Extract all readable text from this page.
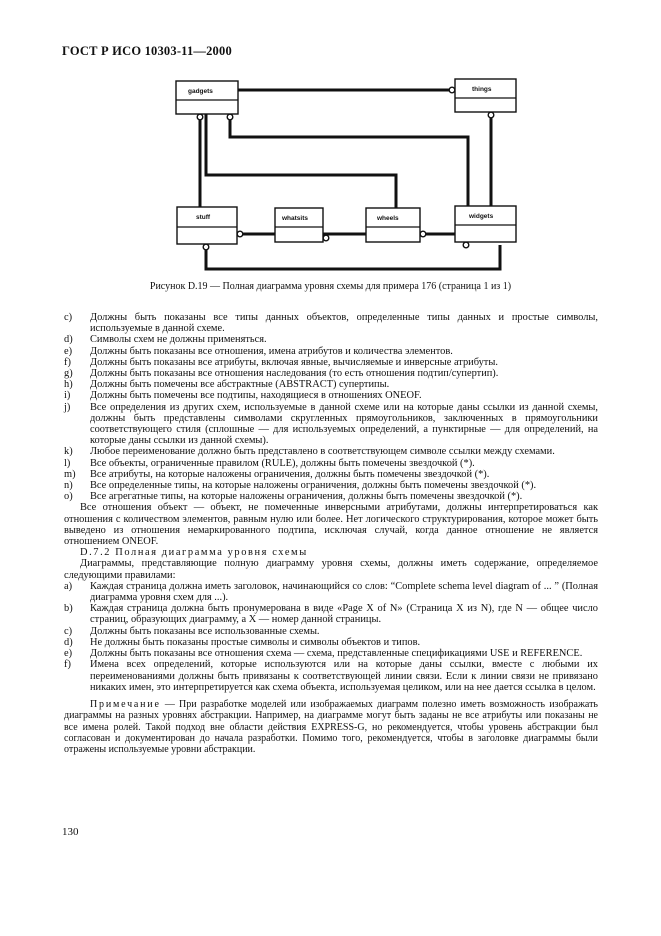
ГОСТ Р ИСО 10303-11—2000
gadgets	things
stuff	whatsits	wheels	widgets
Рисунок D.19 — Полная диаграмма уровня схемы для примера 176 (страница 1 из 1)
c)	Должны быть показаны все типы данных объектов, определенные типы данных и простые символы, используемые в данной схеме.
d)	Символы схем не должны применяться.
e)	Должны быть показаны все отношения, имена атрибутов и количества элементов.
f)	Должны быть показаны все атрибуты, включая явные, вычисляемые и инверсные атрибуты.
g)	Должны быть показаны все отношения наследования (то есть отношения подтип/супертип).
h)	Должны быть помечены все абстрактные (ABSTRACT) супертипы.
i)	Должны быть помечены все подтипы, находящиеся в отношениях ONEOF.
j)	Все определения из других схем, используемые в данной схеме или на которые даны ссылки из данной схемы, должны быть представлены символами скругленных прямоугольников, заключенных в прямоугольники соответствующего стиля (сплошные — для используемых определений, а пунктирные — для определений, на которые даны ссылки из данной схемы).
k)	Любое переименование должно быть представлено в соответствующем символе ссылки между схемами.
l)	Все объекты, ограниченные правилом (RULE), должны быть помечены звездочкой (*).
m)	Все атрибуты, на которые наложены ограничения, должны быть помечены звездочкой (*).
n)	Все определенные типы, на которые наложены ограничения, должны быть помечены звездочкой (*).
o)	Все агрегатные типы, на которые наложены ограничения, должны быть помечены звездочкой (*).

Все отношения объект — объект, не помеченные инверсными атрибутами, должны интерпретироваться как отношения с количеством элементов, равным нулю или более. Нет логического структурирования, которое может быть выведено из отношения немаркированного подтипа, исключая случай, когда данное отношение не является отношением ONEOF.

D.7.2 Полная диаграмма уровня схемы

Диаграммы, представляющие полную диаграмму уровня схемы, должны иметь содержание, определяемое следующими правилами:

a)	Каждая страница должна иметь заголовок, начинающийся со слов: “Complete schema level diagram of ... ” (Полная диаграмма уровня схем для ...).
b)	Каждая страница должна быть пронумерована в виде «Page X of N» (Страница X из N), где N — общее число страниц, образующих диаграмму, а X — номер данной страницы.
c)	Должны быть показаны все использованные схемы.
d)	Не должны быть показаны простые символы и символы объектов и типов.
e)	Должны быть показаны все отношения схема — схема, представленные спецификациями USE и REFERENCE.
f)	Имена всех определений, которые используются или на которые даны ссылки, вместе с любыми их переименованиями должны быть привязаны к соответствующей линии связи. Если к линии связи не привязано никаких имен, это интерпретируется как схема объекта, используемая целиком, или на нее дается ссылка в целом.

Примечание — При разработке моделей или изображаемых диаграмм полезно иметь возможность изображать диаграммы на разных уровнях абстракции. Например, на диаграмме могут быть заданы не все атрибуты или показаны не все имена ролей. Такой подход вне области действия EXPRESS-G, но рекомендуется, чтобы уровень абстракции был согласован и документирован до начала разработки. Помимо того, рекомендуется, чтобы в заголовке диаграммы были отражены используемые уровни абстракции.

130
